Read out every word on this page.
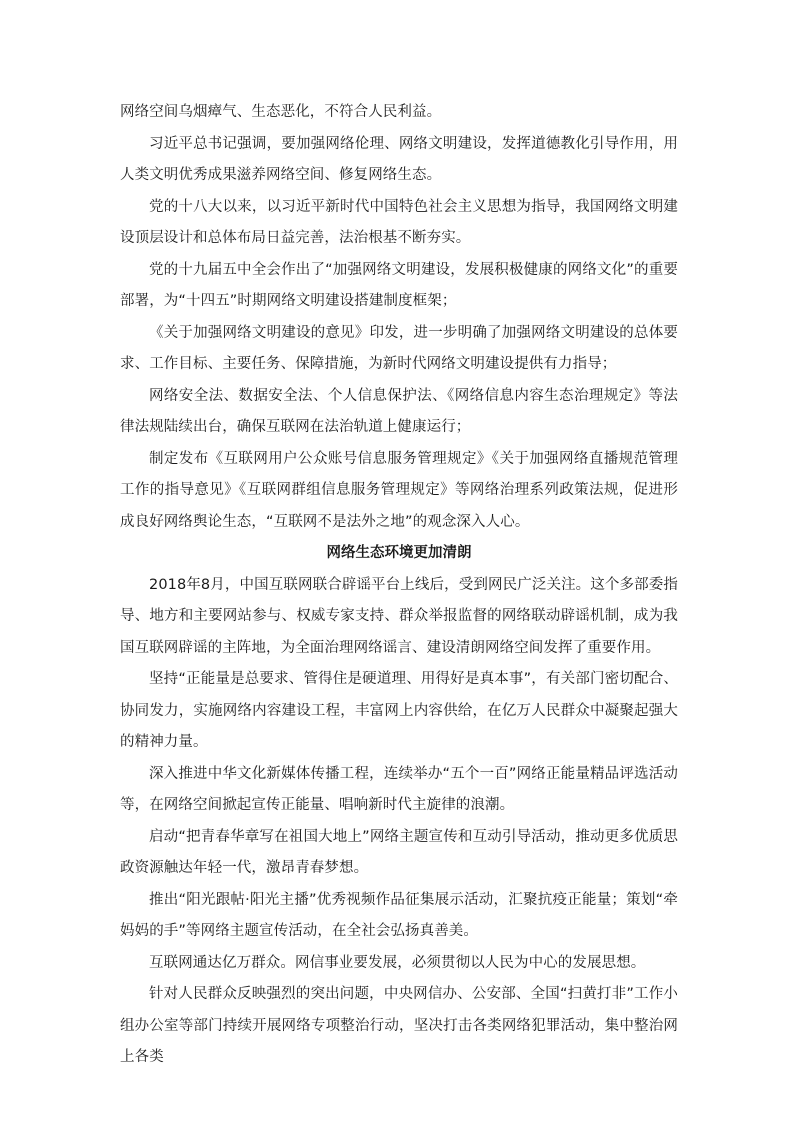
网络空间乌烟瘴气、生态恶化，不符合人民利益。

习近平总书记强调，要加强网络伦理、网络文明建设，发挥道德教化引导作用，用人类文明优秀成果滋养网络空间、修复网络生态。

党的十八大以来，以习近平新时代中国特色社会主义思想为指导，我国网络文明建设顶层设计和总体布局日益完善，法治根基不断夯实。

党的十九届五中全会作出了“加强网络文明建设，发展积极健康的网络文化”的重要部署，为“十四五”时期网络文明建设搭建制度框架；

《关于加强网络文明建设的意见》印发，进一步明确了加强网络文明建设的总体要求、工作目标、主要任务、保障措施，为新时代网络文明建设提供有力指导；

网络安全法、数据安全法、个人信息保护法、《网络信息内容生态治理规定》等法律法规陆续出台，确保互联网在法治轨道上健康运行；

制定发布《互联网用户公众账号信息服务管理规定》《关于加强网络直播规范管理工作的指导意见》《互联网群组信息服务管理规定》等网络治理系列政策法规，促进形成良好网络舆论生态，“互联网不是法外之地”的观念深入人心。

网络生态环境更加清朗

2018年8月，中国互联网联合辟谣平台上线后，受到网民广泛关注。这个多部委指导、地方和主要网站参与、权威专家支持、群众举报监督的网络联动辟谣机制，成为我国互联网辟谣的主阵地，为全面治理网络谣言、建设清朗网络空间发挥了重要作用。

坚持“正能量是总要求、管得住是硬道理、用得好是真本事”，有关部门密切配合、协同发力，实施网络内容建设工程，丰富网上内容供给，在亿万人民群众中凝聚起强大的精神力量。

深入推进中华文化新媒体传播工程，连续举办“五个一百”网络正能量精品评选活动等，在网络空间掀起宣传正能量、唱响新时代主旋律的浪潮。

启动“把青春华章写在祖国大地上”网络主题宣传和互动引导活动，推动更多优质思政资源触达年轻一代，激昂青春梦想。

推出“阳光跟帖·阳光主播”优秀视频作品征集展示活动，汇聚抗疫正能量；策划“牵妈妈的手”等网络主题宣传活动，在全社会弘扬真善美。

互联网通达亿万群众。网信事业要发展，必须贯彻以人民为中心的发展思想。

针对人民群众反映强烈的突出问题，中央网信办、公安部、全国“扫黄打非”工作小组办公室等部门持续开展网络专项整治行动，坚决打击各类网络犯罪活动，集中整治网上各类
